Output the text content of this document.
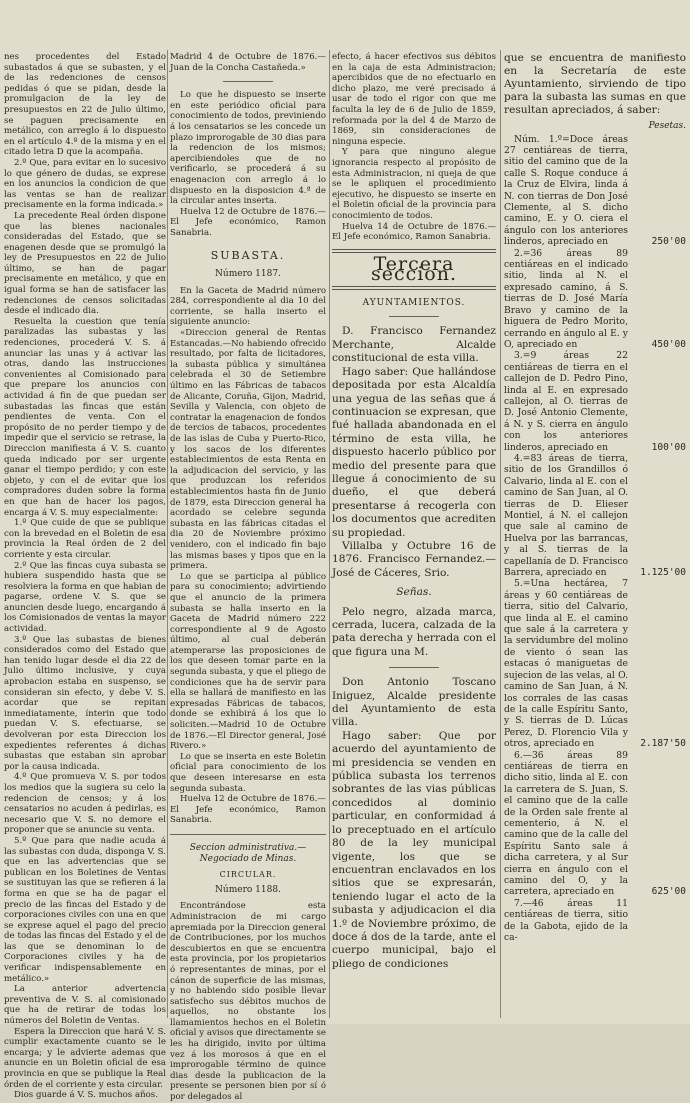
nes procedentes del Estado subastados á que se subasten, y el de las redenciones de censos pedidas ó que se pidan, desde la promulgacion de la ley de presupuestos en 22 de Julio último, se paguen precisamente en metálico, con arreglo á lo dispuesto en el artículo 4.º de la misma y en el citado letra D que la acompaña.

2.º Que, para evitar en lo sucesivo lo que género de dudas, se exprese en los anuncios la condicion de que las ventas se han de realizar precisamente en la forma indicada.»

La precedente Real órden dispone que las bienes nacionales consideradas del Estado, que se enagenen desde que se promulgó la ley de Presupuestos en 22 de Julio último, se han de pagar precisamente en metálico, y que en igual forma se han de satisfacer las redenciones de censos solicitadas desde el indicado dia.

Resuelta la cuestion que tenía paralizadas las subastas y las redenciones, procederá V. S. á anunciar las unas y á activar las otras, dando las instrucciones convenientes al Comisionado para que prepare los anuncios con actividad á fin de que puedan ser subastadas las fincas que están pendientes de venta. Con el propósito de no perder tiempo y de impedir que el servicio se retrase, la Direccion manifiesta á V. S. cuanto queda indicado por ser urgente ganar el tiempo perdido; y con este objeto, y con el de evitar que los compradores duden sobre la forma en que han de hacer los pagos, encarga á V. S. muy especialmente:

1.º Que cuide de que se publique con la brevedad en el Boletin de esa provincia la Real órden de 2 del corriente y esta circular.

2.º Que las fincas cuya subasta se hubiera suspendido hasta que se resolviera la forma en que habian de pagarse, ordene V. S. que se anuncien desde luego, encargando á los Comisionados de ventas la mayor actividad.

3.º Que las subastas de bienes considerados como del Estado que han tenido lugar desde el dia 22 de Julio último inclusive, y cuya aprobacion estaba en suspenso, se consideran sin efecto, y debe V. S. acordar que se repitan inmediatamente, ínterin que todo puedan V. S. efectuarse, se devolveran por esta Direccion los expedientes referentes á dichas subastas que estaban sin aprobar por la causa indicada.

4.º Que promueva V. S. por todos los medios que la sugiera su celo la redencion de censos; y á los censatarios no acuden á pedirlas, es necesario que V. S. no demore el proponer que se anuncie su venta.

5.º Que para que nadie acuda á las subastas con duda, disponga V. S. que en las advertencias que se publican en los Boletines de Ventas se sustituyan las que se refieren á la forma en que se ha de pagar el precio de las fincas del Estado y de corporaciones civiles con una en que se exprese aquel el pago del precio de todas las fincas del Estado y el de las que se denominan lo de Corporaciones civiles y ha de verificar indispensablemente en metálico.»

La anterior advertencia preventiva de V. S. al comisionado que ha de retirar de todas los números del Boletin de Ventas.

Espera la Direccion que hará V. S. cumplir exactamente cuanto se le encarga; y le advierte ademas que anuncie en un Boletin oficial de esa provincia en que se publique la Real órden de el corriente y esta circular.

Dios guarde á V. S. muchos años.

Madrid 4 de Octubre de 1876.—Juan de la Concha Castañeda.»

Lo que he dispuesto se inserte en este periódico oficial para conocimiento de todos, previniendo á los censatarios se les concede un plazo improrogable de 30 dias para la redencion de los mismos; apercibiendoles que de no verificarlo, se procederá á su enagenacion con arreglo á lo dispuesto en la disposicion 4.ª de la circular antes inserta.

Huelva 12 de Octubre de 1876.—El Jefe económico, Ramon Sanabria.

SUBASTA.
Número 1187.

En la Gaceta de Madrid número 284, correspondiente al dia 10 del corriente, se halla inserto el siguiente anuncio:

«Direccion general de Rentas Estancadas.—No habiendo ofrecido resultado, por falta de licitadores, la subasta pública y simultánea celebrada el 30 de Setiembre último en las Fábricas de tabacos de Alicante, Coruña, Gijon, Madrid, Sevilla y Valencia, con objeto de contratar la enagenacion de fondos de tercios de tabacos, procedentes de las islas de Cuba y Puerto-Rico, y los sacos de los diferentes establecimientos de esta Renta en la adjudicacion del servicio, y las que produzcan los referidos establecimientos hasta fin de Junio de 1879, esta Direccion general ha acordado se celebre segunda subasta en las fábricas citadas el dia 20 de Noviembre próximo venidero, con el indicado fin bajo las mismas bases y tipos que en la primera.

Lo que se participa al público para su conocimiento; advirtiendo que el anuncio de la primera subasta se halla inserto en la Gaceta de Madrid número 222 correspondiente al 9 de Agosto último, al cual deberán atemperarse las proposiciones de los que deseen tomar parte en la segunda subasta, y que el pliego de condiciones que ha de servir para ella se hallará de manifiesto en las expresadas Fábricas de tabacos, donde se exhibirá á los que lo soliciten.—Madrid 10 de Octubre de 1876.—El Director general, José Rivero.»

Lo que se inserta en este Boletin oficial para conocimiento de los que deseen interesarse en esta segunda subasta.

Huelva 12 de Octubre de 1876.—El Jefe económico, Ramon Sanabria.

Seccion administrativa.—Negociado de Minas.
CIRCULAR.
Número 1188.

Encontrándose esta Administracion de mi cargo apremiada por la Direccion general de Contribuciones, por los muchos descubiertos en que se encuentra esta provincia, por los propietarios ó representantes de minas, por el cánon de superficie de las mismas, y no habiendo sido posible llevar satisfecho sus débitos muchos de aquellos, no obstante los llamamientos hechos en el Boletin oficial y avisos que directamente se les ha dirigido, invito por última vez á los morosos á que en el improrogable término de quince dias desde la publicacion de la presente se personen bien por sí ó por delegados al

efecto, á hacer efectivos sus débitos en la caja de esta Administracion; apercibidos que de no efectuarlo en dicho plazo, me veré precisado á usar de todo el rigor con que me faculta la ley de 6 de Julio de 1859, reformada por la del 4 de Marzo de 1869, sin consideraciones de ninguna especie.

Y para que ninguno alegue ignorancia respecto al propósito de esta Administracion, ni queja de que se le apliquen el procedimiento ejecutivo, he dispuesto se inserte en el Boletin oficial de la provincia para conocimiento de todos.

Huelva 14 de Octubre de 1876.—El Jefe económico, Ramon Sanabria.

Tercera seccion.
AYUNTAMIENTOS.

D. Francisco Fernandez Merchante, Alcalde constitucional de esta villa.

Hago saber: Que hallándose depositada por esta Alcaldía una yegua de las señas que á continuacion se expresan, que fué hallada abandonada en el término de esta villa, he dispuesto hacerlo público por medio del presente para que llegue á conocimiento de su dueño, el que deberá presentarse á recogerla con los documentos que acrediten su propiedad.

Villalba y Octubre 16 de 1876. Francisco Fernandez.—José de Cáceres, Srio.

Señas.

Pelo negro, alzada marca, cerrada, lucera, calzada de la pata derecha y herrada con el que figura una M.

Don Antonio Toscano Iniguez, Alcalde presidente del Ayuntamiento de esta villa.

Hago saber: Que por acuerdo del ayuntamiento de mi presidencia se venden en pública subasta los terrenos sobrantes de las vias públicas concedidos al dominio particular, en conformidad á lo preceptuado en el artículo 80 de la ley municipal vigente, los que se encuentran enclavados en los sitios que se expresarán, teniendo lugar el acto de la subasta y adjudicacion el dia 1.º de Noviembre próximo, de doce á dos de la tarde, ante el cuerpo municipal, bajo el pliego de condiciones

que se encuentra de manifiesto en la Secretaría de este Ayuntamiento, sirviendo de tipo para la subasta las sumas en que resultan apreciados, á saber:

Pesetas.
Núm. 1.º=Doce áreas 27 centiáreas de tierra, sitio del camino que de la calle S. Roque conduce á la Cruz de Elvira, linda á N. con tierras de Don José Clemente, al S. dicho camino, E. y O. ciera el ángulo con los anteriores linderos, apreciado en	250'00
2.=36 áreas 89 centiáreas en el indicado sitio, linda al N. el expresado camino, á S. tierras de D. José María Bravo y camino de la higuera de Pedro Morito, cerrando en ángulo al E. y O, apreciado en	450'00
3.=9 áreas 22 centiáreas de tierra en el callejon de D. Pedro Pino, linda al E. en expresado callejon, al O. tierras de D. José Antonio Clemente, á N. y S. cierra en ángulo con los anteriores linderos, apreciado en	100'00
4.=83 áreas de tierra, sitio de los Grandillos ó Calvario, linda al E. con el camino de San Juan, al O. tierras de D. Elieser Montiel, á N. el callejon que sale al camino de Huelva por las barrancas, y al S. tierras de la capellanía de D. Francisco Barrera, apreciado en	1.125'00
5.=Una hectárea, 7 áreas y 60 centiáreas de tierra, sitio del Calvario, que linda al E. el camino que sale á la carretera y la servidumbre del molino de viento ó sean las estacas ó maniguetas de sujecion de las velas, al O. camino de San Juan, á N. los corrales de las casas de la calle Espíritu Santo, y S. tierras de D. Lúcas Perez, D. Florencio Vila y otros, apreciado en	2.187'50
6.—36 áreas 89 centiáreas de tierra en dicho sitio, linda al E. con la carretera de S. Juan, S. el camino que de la calle de la Orden sale frente al cementerio, á N. el camino que de la calle del Espíritu Santo sale á dicha carretera, y al Sur cierra en ángulo con el camino del O, y la carretera, apreciado en	625'00
7.—46 áreas 11 centiáreas de tierra, sitio de la Gabota, ejido de la ca-
